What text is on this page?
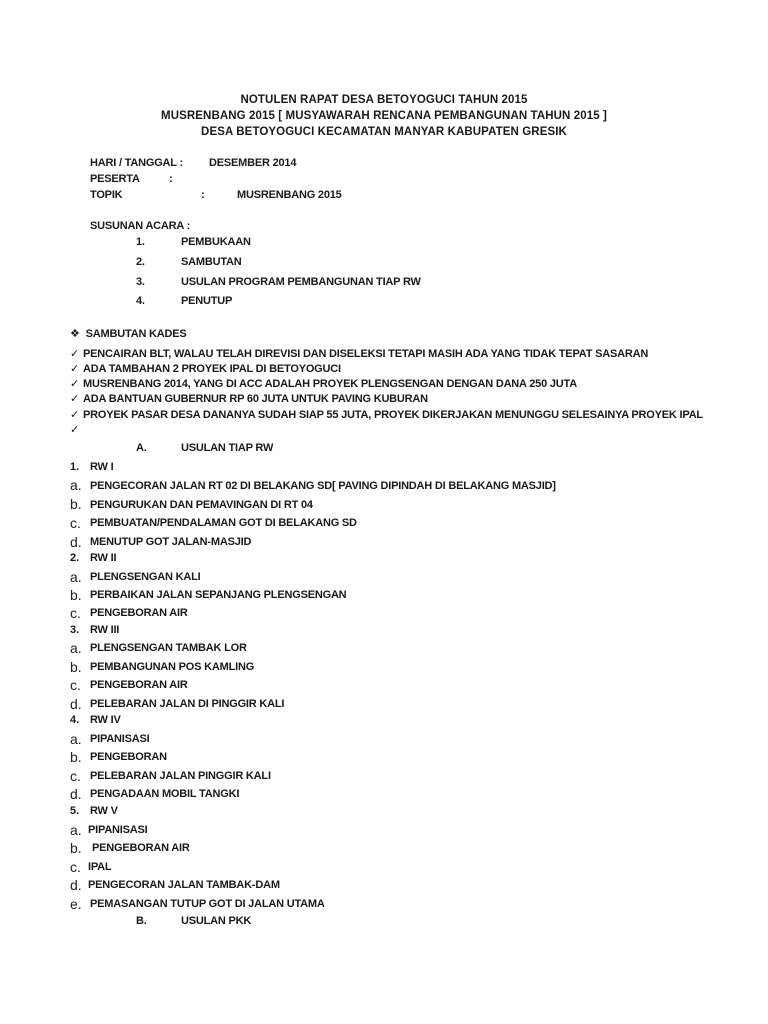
NOTULEN RAPAT DESA BETOYOGUCI TAHUN 2015
MUSRENBANG 2015 [ MUSYAWARAH RENCANA PEMBANGUNAN TAHUN 2015 ]
DESA BETOYOGUCI KECAMATAN MANYAR KABUPATEN GRESIK
HARI / TANGGAL : DESEMBER 2014
PESERTA	:
TOPIK	:	MUSRENBANG 2015
SUSUNAN ACARA :
1.	PEMBUKAAN
2.	SAMBUTAN
3.	USULAN PROGRAM PEMBANGUNAN TIAP RW
4.	PENUTUP
❖ SAMBUTAN KADES
✓ PENCAIRAN BLT, WALAU TELAH DIREVISI DAN DISELEKSI TETAPI MASIH ADA YANG TIDAK TEPAT SASARAN
✓ ADA TAMBAHAN 2 PROYEK IPAL DI BETOYOGUCI
✓ MUSRENBANG 2014, YANG DI ACC ADALAH PROYEK PLENGSENGAN DENGAN DANA 250 JUTA
✓ ADA BANTUAN GUBERNUR RP 60 JUTA UNTUK PAVING KUBURAN
✓ PROYEK PASAR DESA DANANYA SUDAH SIAP 55 JUTA, PROYEK DIKERJAKAN MENUNGGU SELESAINYA PROYEK IPAL
✓
A.	USULAN TIAP RW
1. RW I
a. PENGECORAN JALAN RT 02 DI BELAKANG SD[ PAVING DIPINDAH DI BELAKANG MASJID]
b. PENGURUKAN DAN PEMAVINGAN DI RT 04
c. PEMBUATAN/PENDALAMAN GOT DI BELAKANG SD
d. MENUTUP GOT JALAN-MASJID
2. RW II
a. PLENGSENGAN KALI
b. PERBAIKAN JALAN SEPANJANG PLENGSENGAN
c. PENGEBORAN AIR
3. RW III
a. PLENGSENGAN TAMBAK LOR
b. PEMBANGUNAN POS KAMLING
c. PENGEBORAN AIR
d. PELEBARAN JALAN DI PINGGIR KALI
4. RW IV
a. PIPANISASI
b. PENGEBORAN
c. PELEBARAN JALAN PINGGIR KALI
d. PENGADAAN MOBIL TANGKI
5. RW V
a. PIPANISASI
b. PENGEBORAN AIR
c. IPAL
d. PENGECORAN JALAN TAMBAK-DAM
e. PEMASANGAN TUTUP GOT DI JALAN UTAMA
B.	USULAN PKK
